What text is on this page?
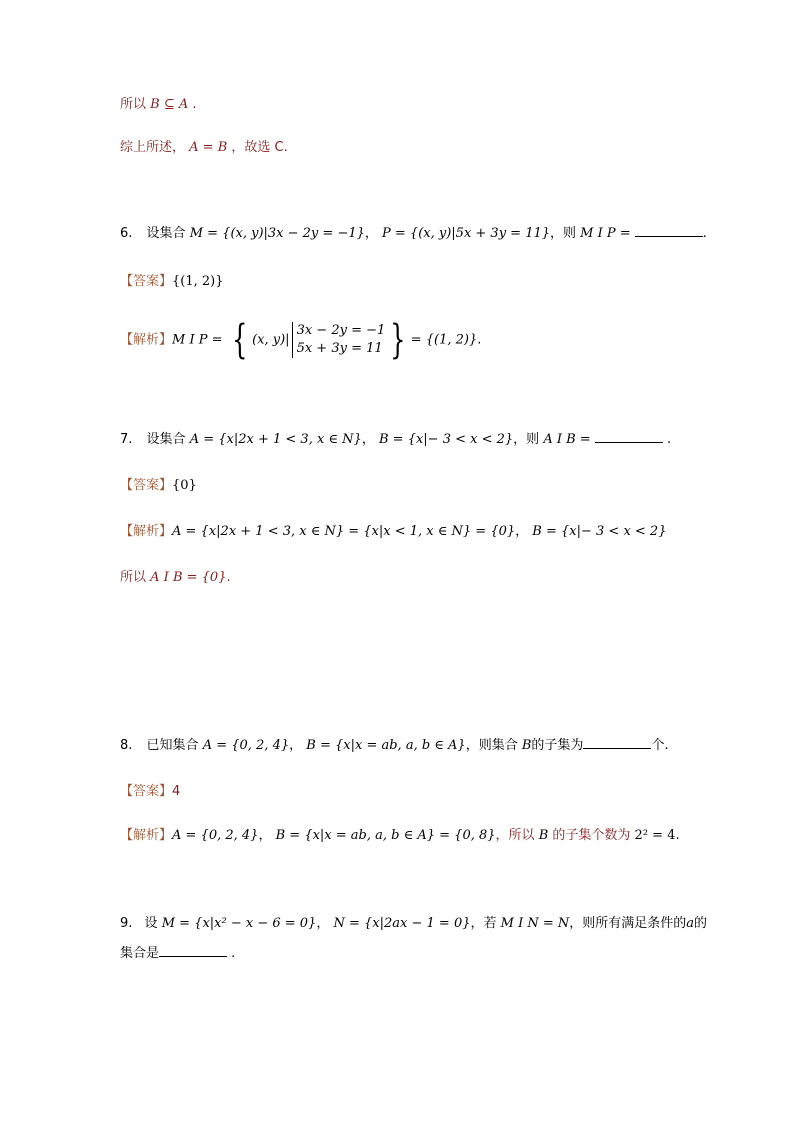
所以 B ⊆ A .
综上所述， A = B ，故选 C.
6. 设集合 M = {(x, y)|3x − 2y = −1}， P = {(x, y)|5x + 3y = 11}，则 M I P =	.
【答案】{(1, 2)}
【解析】M I P = { (x, y)|3x − 2y = −1
5x + 3y = 11 } = {(1, 2)}.
7. 设集合 A = {x|2x + 1 < 3, x ∈ N}， B = {x|− 3 < x < 2}，则 A I B =	.
【答案】{0}
【解析】A = {x|2x + 1 < 3, x ∈ N} = {x|x < 1, x ∈ N} = {0}， B = {x|− 3 < x < 2}
所以 A I B = {0}.
8. 已知集合 A = {0, 2, 4}， B = {x|x = ab, a, b ∈ A}，则集合 B的子集为	个.
【答案】4
【解析】A = {0, 2, 4}， B = {x|x = ab, a, b ∈ A} = {0, 8}，所以 B 的子集个数为 2² = 4.
9. 设 M = {x|x² − x − 6 = 0}， N = {x|2ax − 1 = 0}，若 M I N = N，则所有满足条件的a的
集合是	.
